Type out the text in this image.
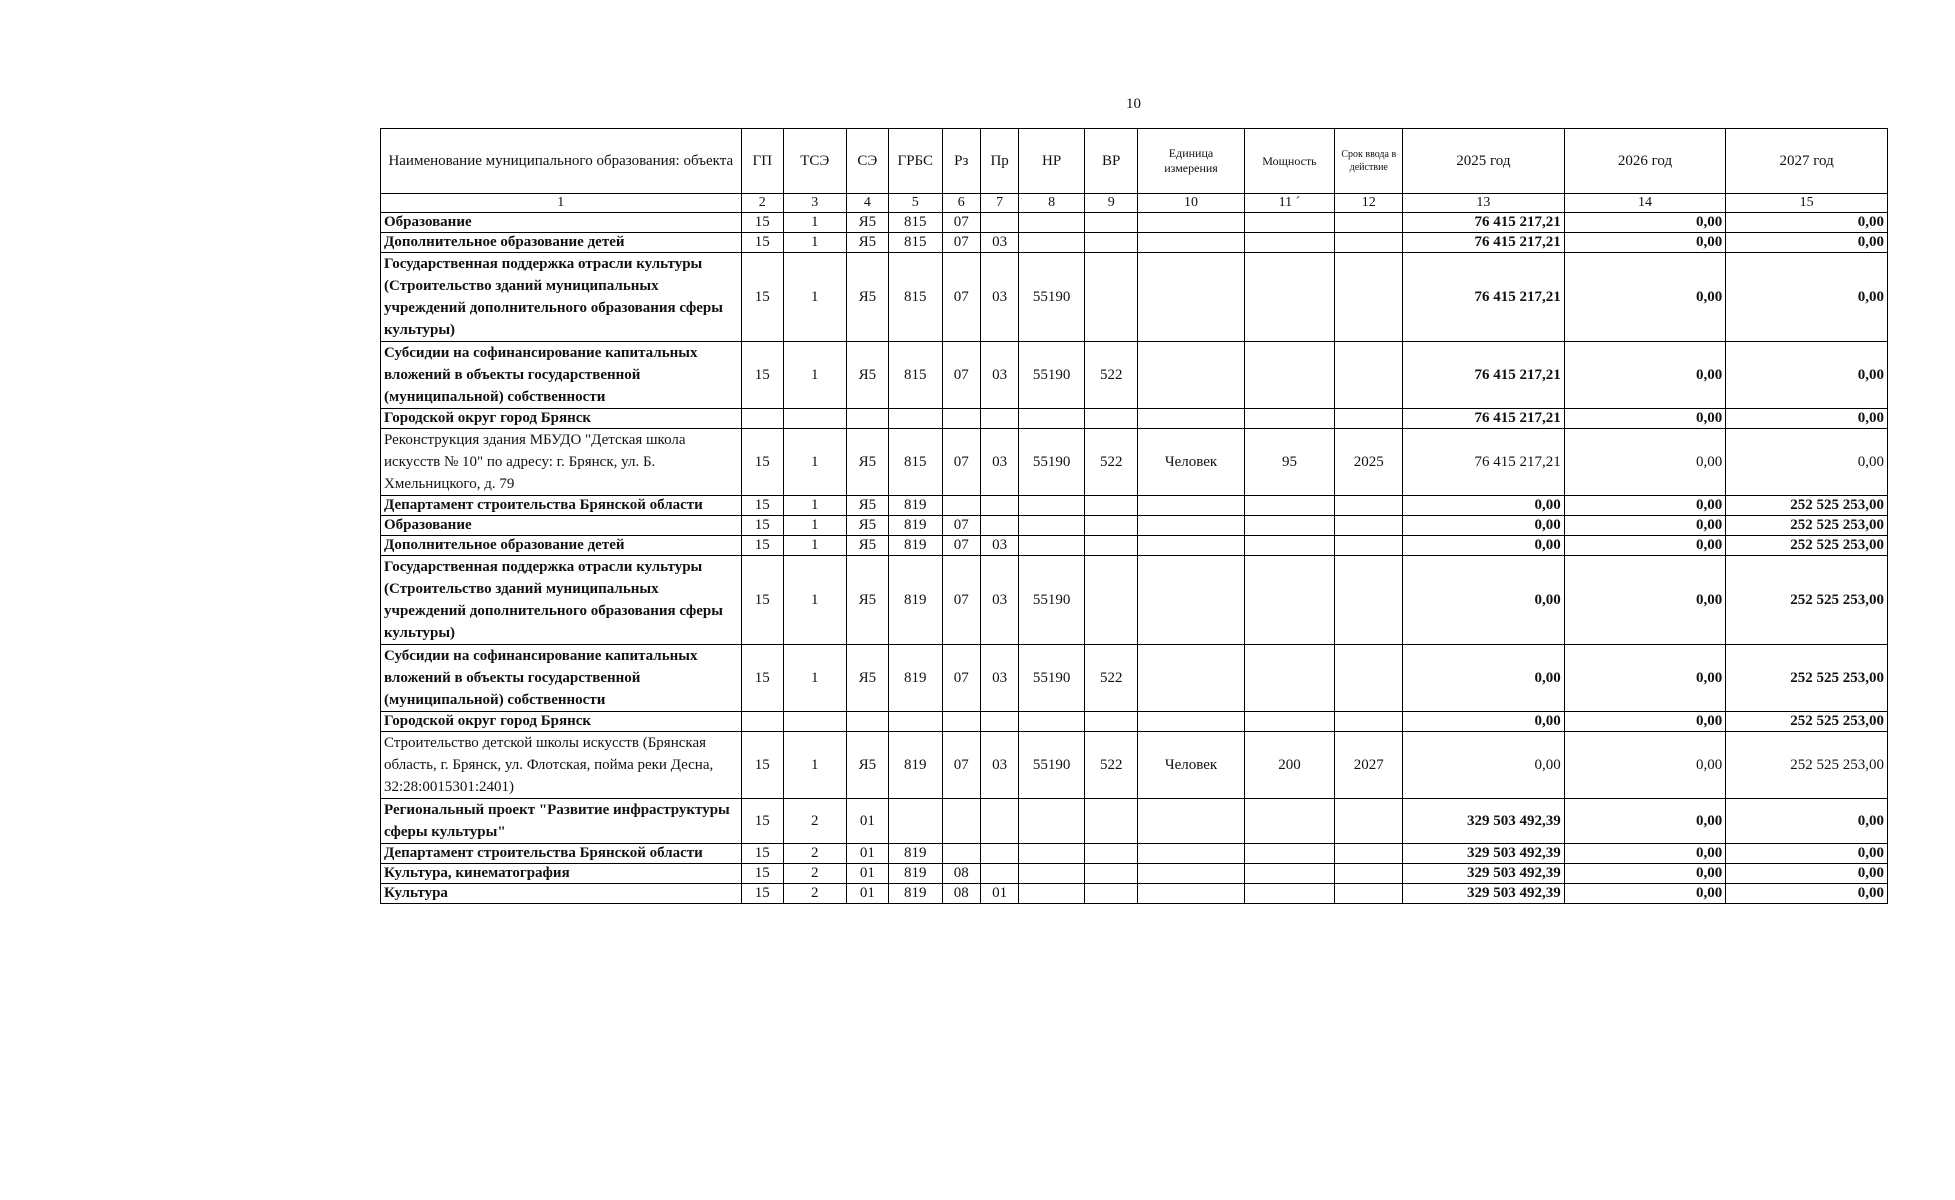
10
Наименование муниципального образования: объекта	ГП	ТСЭ	СЭ	ГРБС	Рз	Пр	НР	ВР	Единица измерения	Мощность	Срок ввода в действие	2025 год	2026 год	2027 год
1	2	3	4	5	6	7	8	9	10	11 ´	12	13	14	15
Образование	15	1	Я5	815	07							76 415 217,21	0,00	0,00
Дополнительное образование детей	15	1	Я5	815	07	03						76 415 217,21	0,00	0,00
Государственная поддержка отрасли культуры (Строительство зданий муниципальных учреждений дополнительного образования сферы культуры)	15	1	Я5	815	07	03	55190					76 415 217,21	0,00	0,00
Субсидии на софинансирование капитальных вложений в объекты государственной (муниципальной) собственности	15	1	Я5	815	07	03	55190	522				76 415 217,21	0,00	0,00
Городской округ город Брянск												76 415 217,21	0,00	0,00
Реконструкция здания МБУДО "Детская школа искусств № 10" по адресу: г. Брянск, ул. Б. Хмельницкого, д. 79	15	1	Я5	815	07	03	55190	522	Человек	95	2025	76 415 217,21	0,00	0,00
Департамент строительства Брянской области	15	1	Я5	819								0,00	0,00	252 525 253,00
Образование	15	1	Я5	819	07							0,00	0,00	252 525 253,00
Дополнительное образование детей	15	1	Я5	819	07	03						0,00	0,00	252 525 253,00
Государственная поддержка отрасли культуры (Строительство зданий муниципальных учреждений дополнительного образования сферы культуры)	15	1	Я5	819	07	03	55190					0,00	0,00	252 525 253,00
Субсидии на софинансирование капитальных вложений в объекты государственной (муниципальной) собственности	15	1	Я5	819	07	03	55190	522				0,00	0,00	252 525 253,00
Городской округ город Брянск												0,00	0,00	252 525 253,00
Строительство детской школы искусств (Брянская область, г. Брянск, ул. Флотская, пойма реки Десна, 32:28:0015301:2401)	15	1	Я5	819	07	03	55190	522	Человек	200	2027	0,00	0,00	252 525 253,00
Региональный проект "Развитие инфраструктуры сферы культуры"	15	2	01									329 503 492,39	0,00	0,00
Департамент строительства Брянской области	15	2	01	819								329 503 492,39	0,00	0,00
Культура, кинематография	15	2	01	819	08							329 503 492,39	0,00	0,00
Культура	15	2	01	819	08	01						329 503 492,39	0,00	0,00
